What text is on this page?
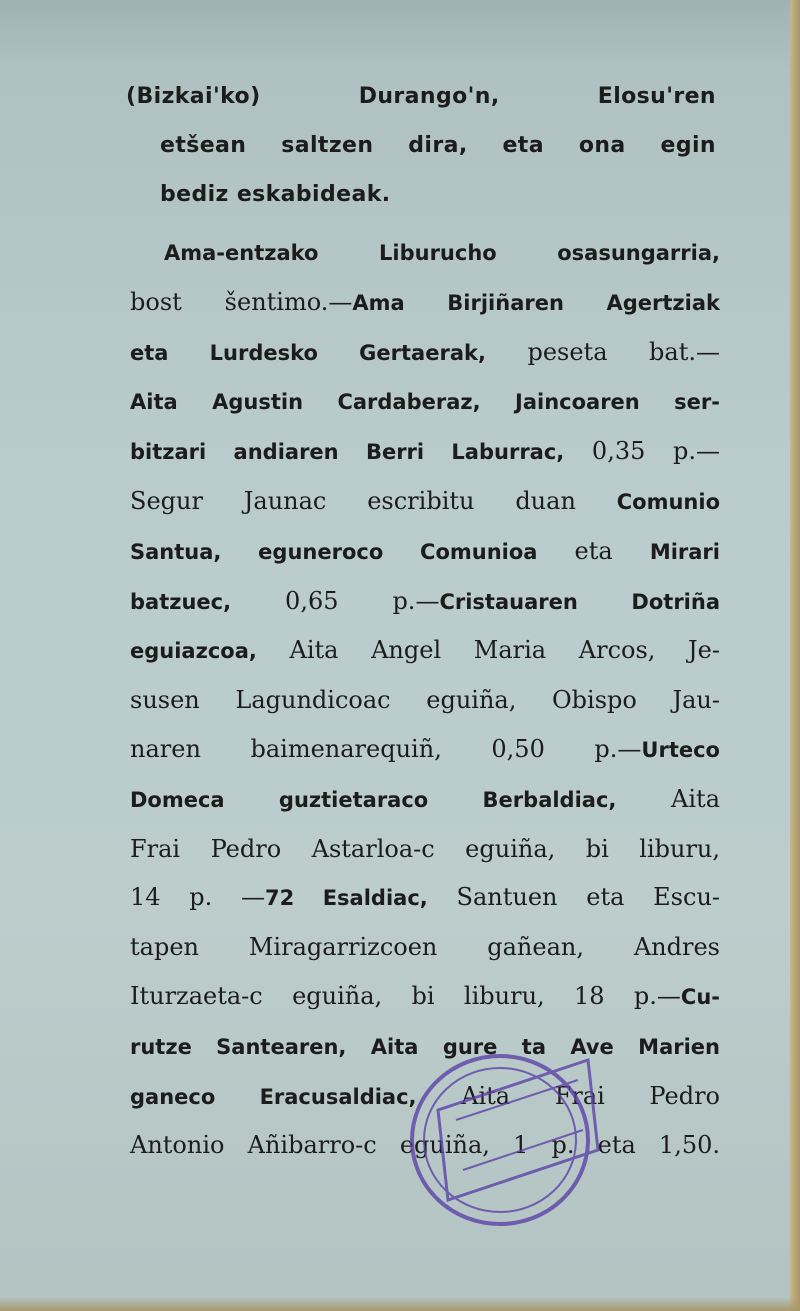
(Bizkai'ko)	Durango'n,	Elosu'ren

etšean saltzen dira, eta ona egin

bediz eskabideak.

Ama-entzako Liburucho osasungarria,

bost šentimo.—Ama Birjiñaren Agertziak

eta Lurdesko Gertaerak, peseta bat.—

Aita Agustin Cardaberaz, Jaincoaren ser-

bitzari andiaren Berri Laburrac, 0,35 p.—

Segur Jaunac escribitu duan Comunio

Santua, eguneroco Comunioa eta Mirari

batzuec, 0,65 p.—Cristauaren Dotriña

eguiazcoa, Aita Angel Maria Arcos, Je-

susen Lagundicoac eguiña, Obispo Jau-

naren baimenarequiñ, 0,50 p.—Urteco

Domeca guztietaraco Berbaldiac, Aita

Frai Pedro Astarloa-c eguiña, bi liburu,

14 p. —72 Esaldiac, Santuen eta Escu-

tapen Miragarrizcoen gañean, Andres

Iturzaeta-c eguiña, bi liburu, 18 p.—Cu-

rutze Santearen, Aita gure ta Ave Marien

ganeco Eracusaldiac, Aita Frai Pedro

Antonio Añibarro-c eguiña, 1 p. eta 1,50.
